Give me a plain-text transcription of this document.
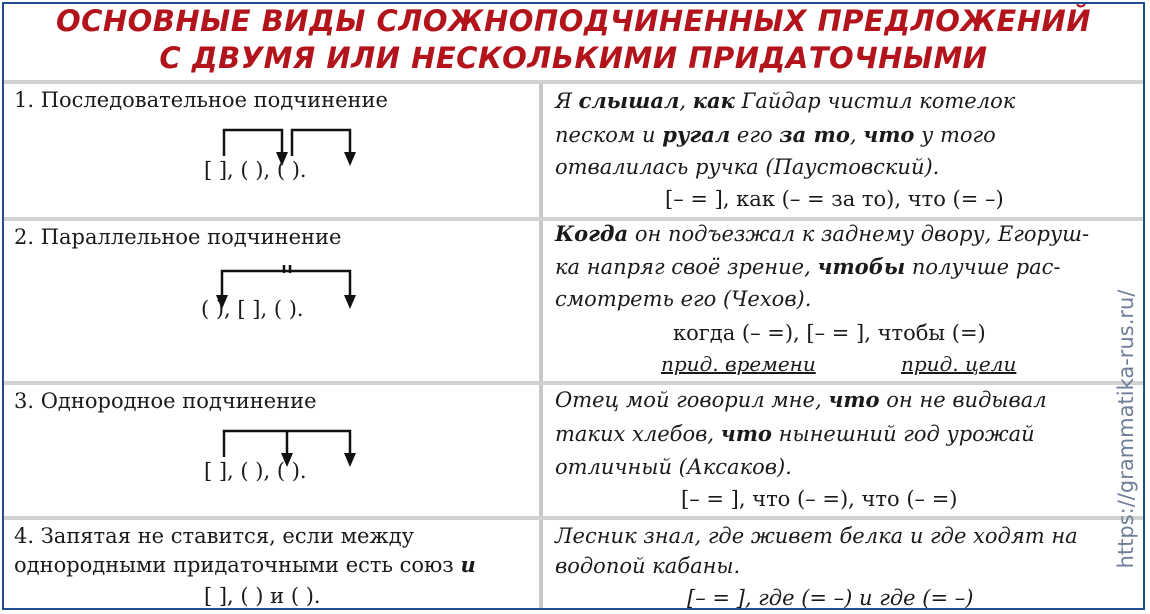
ОСНОВНЫЕ ВИДЫ СЛОЖНОПОДЧИНЕННЫХ ПРЕДЛОЖЕНИЙ
С ДВУМЯ ИЛИ НЕСКОЛЬКИМИ ПРИДАТОЧНЫМИ
1. Последовательное подчинение
[ ], ( ), ( ).
Я слышал, как Гайдар чистил котелок
песком и ругал его за то, что у того
отвалилась ручка (Паустовский).
[– = ], как (– = за то), что (= –)
2. Параллельное подчинение
( ), [ ], ( ).
Когда он подъезжал к заднему двору, Егоруш-
ка напряг своё зрение, чтобы получше рас-
смотреть его (Чехов).
когда (– =), [– = ], чтобы (=)
прид. времени	прид. цели
3. Однородное подчинение
[ ], ( ), ( ).
Отец мой говорил мне, что он не видывал
таких хлебов, что нынешний год урожай
отличный (Аксаков).
[– = ], что (– =), что (– =)
4. Запятая не ставится, если между
однородными придаточными есть союз и
[ ], ( ) и ( ).
Лесник знал, где живет белка и где ходят на
водопой кабаны.
[– = ], где (= –) и где (= –)
https://grammatika-rus.ru/
